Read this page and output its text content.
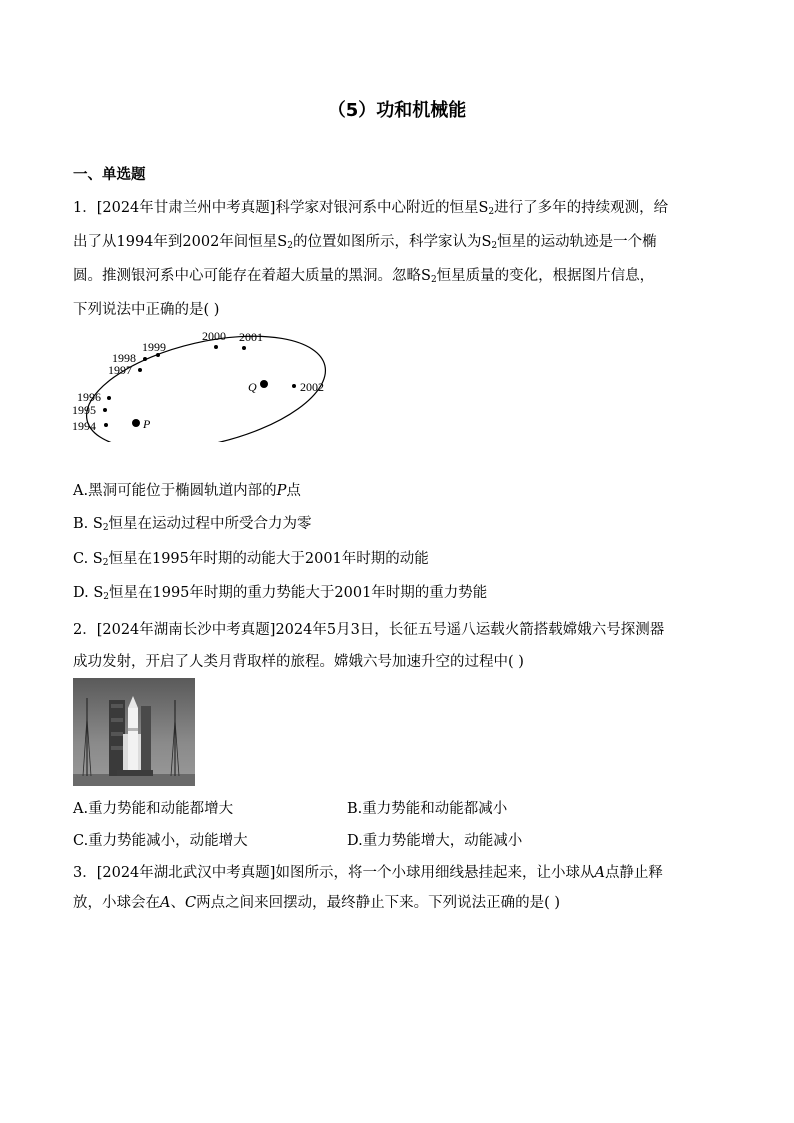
（5）功和机械能
一、单选题
1．[2024年甘肃兰州中考真题]科学家对银河系中心附近的恒星$S_2$进行了多年的持续观测，给
出了从1994年到2002年间恒星$S_2$的位置如图所示，科学家认为$S_2$恒星的运动轨迹是一个椭
圆。推测银河系中心可能存在着超大质量的黑洞。忽略$S_2$恒星质量的变化，根据图片信息，
下列说法中正确的是( )
1994
1995
1996
1997
1998
1999
2000 2001
2002
P
Q
A.黑洞可能位于椭圆轨道内部的P点
B. $S_2$恒星在运动过程中所受合力为零
C. $S_2$恒星在1995年时期的动能大于2001年时期的动能
D. $S_2$恒星在1995年时期的重力势能大于2001年时期的重力势能
2．[2024年湖南长沙中考真题]2024年5月3日，长征五号遥八运载火箭搭载嫦娥六号探测器
成功发射，开启了人类月背取样的旅程。嫦娥六号加速升空的过程中( )
A.重力势能和动能都增大	B.重力势能和动能都减小
C.重力势能减小，动能增大	D.重力势能增大，动能减小
3．[2024年湖北武汉中考真题]如图所示，将一个小球用细线悬挂起来，让小球从A点静止释
放，小球会在A、C两点之间来回摆动，最终静止下来。下列说法正确的是( )
